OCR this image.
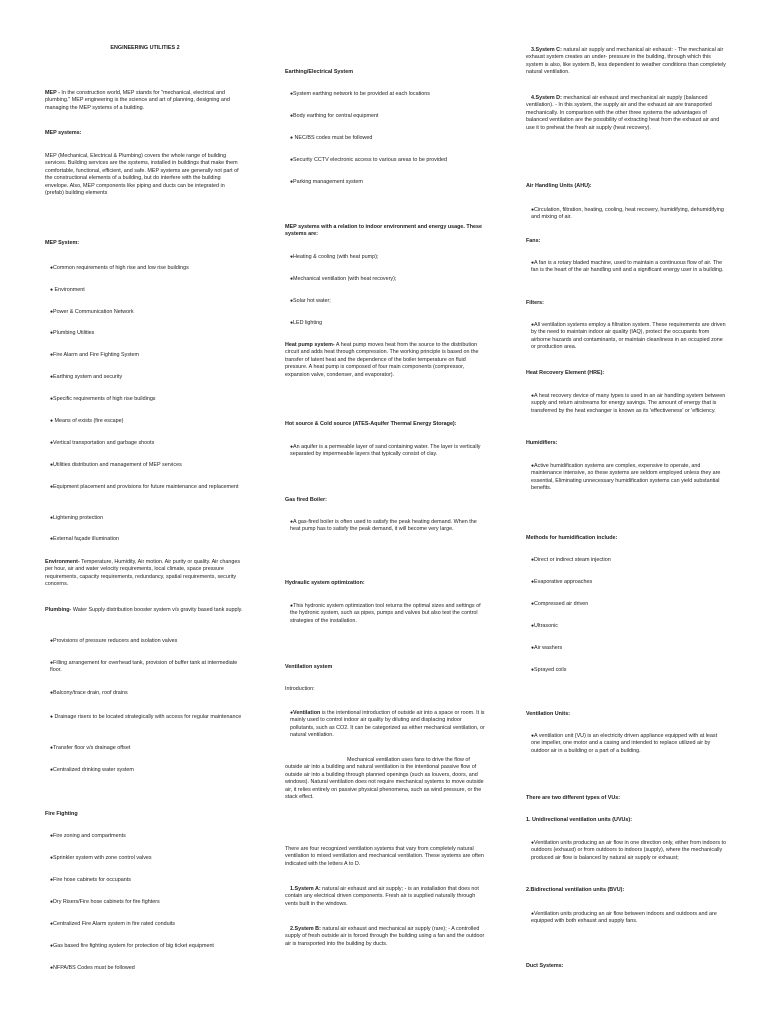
ENGINEERING UTILITIES 2
MEP - In the construction world, MEP stands for "mechanical, electrical and plumbing." MEP engineering is the science and art of planning, designing and managing the MEP systems of a building.
MEP systems:
MEP (Mechanical, Electrical & Plumbing) covers the whole range of building services. Building services are the systems, installed in buildings that make them comfortable, functional, efficient, and safe. MEP systems are generally not part of the constructional elements of a building, but do interfere with the building envelope. Also, MEP components like piping and ducts can be integrated in (prefab) building elements
MEP System:
●Common requirements of high rise and low rise buildings
● Environment
●Power & Communication Network
●Plumbing Utilities
●Fire Alarm and Fire Fighting System
●Earthing system and security
●Specific requirements of high rise buildings
● Means of exists (fire escape)
●Vertical transportation and garbage shoots
●Utilities distribution and management of MEP services
●Equipment placement and provisions for future maintenance and replacement
●Lightening protection
●External façade illumination
Environment- Temperature, Humidity, Air motion. Air purity or quality. Air changes per hour, air and water velocity requirements, local climate, space pressure requirements, capacity requirements, redundancy, spatial requirements, security concerns.
Plumbing- Water Supply distribution booster system v/s gravity based tank supply.
●Provisions of pressure reducers and isolation valves
●Filling arrangement for overhead tank, provision of buffer tank at intermediate floor.
●Balcony/trace drain, roof drains
● Drainage risers to be located strategically with access for regular maintenance
●Transfer floor v/s drainage offset
●Centralized drinking water system
Fire Fighting
●Fire zoning and compartments
●Sprinkler system with zone control valves
●Fire hose cabinets for occupants
●Dry Risers/Fire hose cabinets for fire fighters
●Centralized Fire Alarm system in fire rated conduits
●Gas based fire fighting system for protection of big ticket equipment
●NFPA/BS Codes must be followed
Earthing/Electrical System
●System earthing network to be provided at each locations
●Body earthing for central equipment
● NEC/BS codes must be followed
●Security CCTV electronic access to various areas to be provided
●Parking management system
MEP systems with a relation to indoor environment and energy usage. These systems are:
●Heating & cooling (with heat pump);
●Mechanical ventilation (with heat recovery);
●Solar hot water;
●LED lighting
Heat pump system- A heat pump moves heat from the source to the distribution circuit and adds heat through compression. The working principle is based on the transfer of latent heat and the dependence of the boiler temperature on fluid pressure. A heat pump is composed of four main components (compressor, expansion valve, condenser, and evaporator).
Hot source & Cold source (ATES-Aquifer Thermal Energy Storage):
●An aquifer is a permeable layer of sand containing water. The layer is vertically separated by impermeable layers that typically consist of clay.
Gas fired Boiler:
●A gas-fired boiler is often used to satisfy the peak heating demand. When the heat pump has to satisfy the peak demand, it will become very large.
Hydraulic system optimization:
●This hydronic system optimization tool returns the optimal sizes and settings of the hydronic system, such as pipes, pumps and valves but also test the control strategies of the installation.
Ventilation system
Introduction:
●Ventilation is the intentional introduction of outside air into a space or room. It is mainly used to control indoor air quality by diluting and displacing indoor pollutants, such as CO2. It can be categorized as either mechanical ventilation, or natural ventilation.
Mechanical ventilation uses fans to drive the flow of outside air into a building and natural ventilation is the intentional passive flow of outside air into a building through planned openings (such as louvers, doors, and windows). Natural ventilation does not require mechanical systems to move outside air, it relies entirely on passive physical phenomena, such as wind pressure, or the stack effect.
There are four recognized ventilation systems that vary from completely natural ventilation to mixed ventilation and mechanical ventilation. These systems are often indicated with the letters A to D.
1.System A: natural air exhaust and air supply; - is an installation that does not contain any electrical driven components. Fresh air is supplied naturally through vents built in the windows.
2.System B: natural air exhaust and mechanical air supply (rare); - A controlled supply of fresh outside air is forced through the building using a fan and the outdoor air is transported into the building by ducts.
3.System C: natural air supply and mechanical air exhaust: - The mechanical air exhaust system creates an under- pressure in the building, through which this system is also, like system B, less dependent to weather conditions than completely natural ventilation.
4.System D: mechanical air exhaust and mechanical air supply (balanced ventilation). - In this system, the supply air and the exhaust air are transported mechanically. In comparison with the other three systems the advantages of balanced ventilation are the possibility of extracting heat from the exhaust air and use it to preheat the fresh air supply (heat recovery).
Air Handling Units (AHU):
●Circulation, filtration, heating, cooling, heat recovery, humidifying, dehumidifying and mixing of air.
Fans:
●A fan is a rotary bladed machine, used to maintain a continuous flow of air. The fan is the heart of the air handling unit and a significant energy user in a building.
Filters:
●All ventilation systems employ a filtration system. These requirements are driven by the need to maintain indoor air quality (IAQ), protect the occupants from airborne hazards and contaminants, or maintain cleanliness in an occupied zone or production area.
Heat Recovery Element (HRE):
●A heat recovery device of many types is used in an air handling system between supply and return airstreams for energy savings. The amount of energy that is transferred by the heat exchanger is known as its 'effectiveness' or 'efficiency.
Humidifiers:
●Active humidification systems are complex, expensive to operate, and maintenance intensive, so these systems are seldom employed unless they are essential, Eliminating unnecessary humidification systems can yield substantial benefits.
Methods for humidification include:
●Direct or indirect steam injection
●Evaporative approaches
●Compressed air driven
●Ultrasonic
●Air washers
●Sprayed coils
Ventilation Units:
●A ventilation unit (VU) is an electricity driven appliance equipped with at least one impeller, one motor and a casing and intended to replace utilized air by outdoor air in a building or a part of a building.
There are two different types of VUs:
1. Unidirectional ventilation units (UVUs):
●Ventilation units producing an air flow in one direction only, either from indoors to outdoors (exhaust) or from outdoors to indoors (supply), where the mechanically produced air flow is balanced by natural air supply or exhaust;
2.Bidirectional ventilation units (BVU):
●Ventilation units producing an air flow between indoors and outdoors and are equipped with both exhaust and supply fans.
Duct Systems:
